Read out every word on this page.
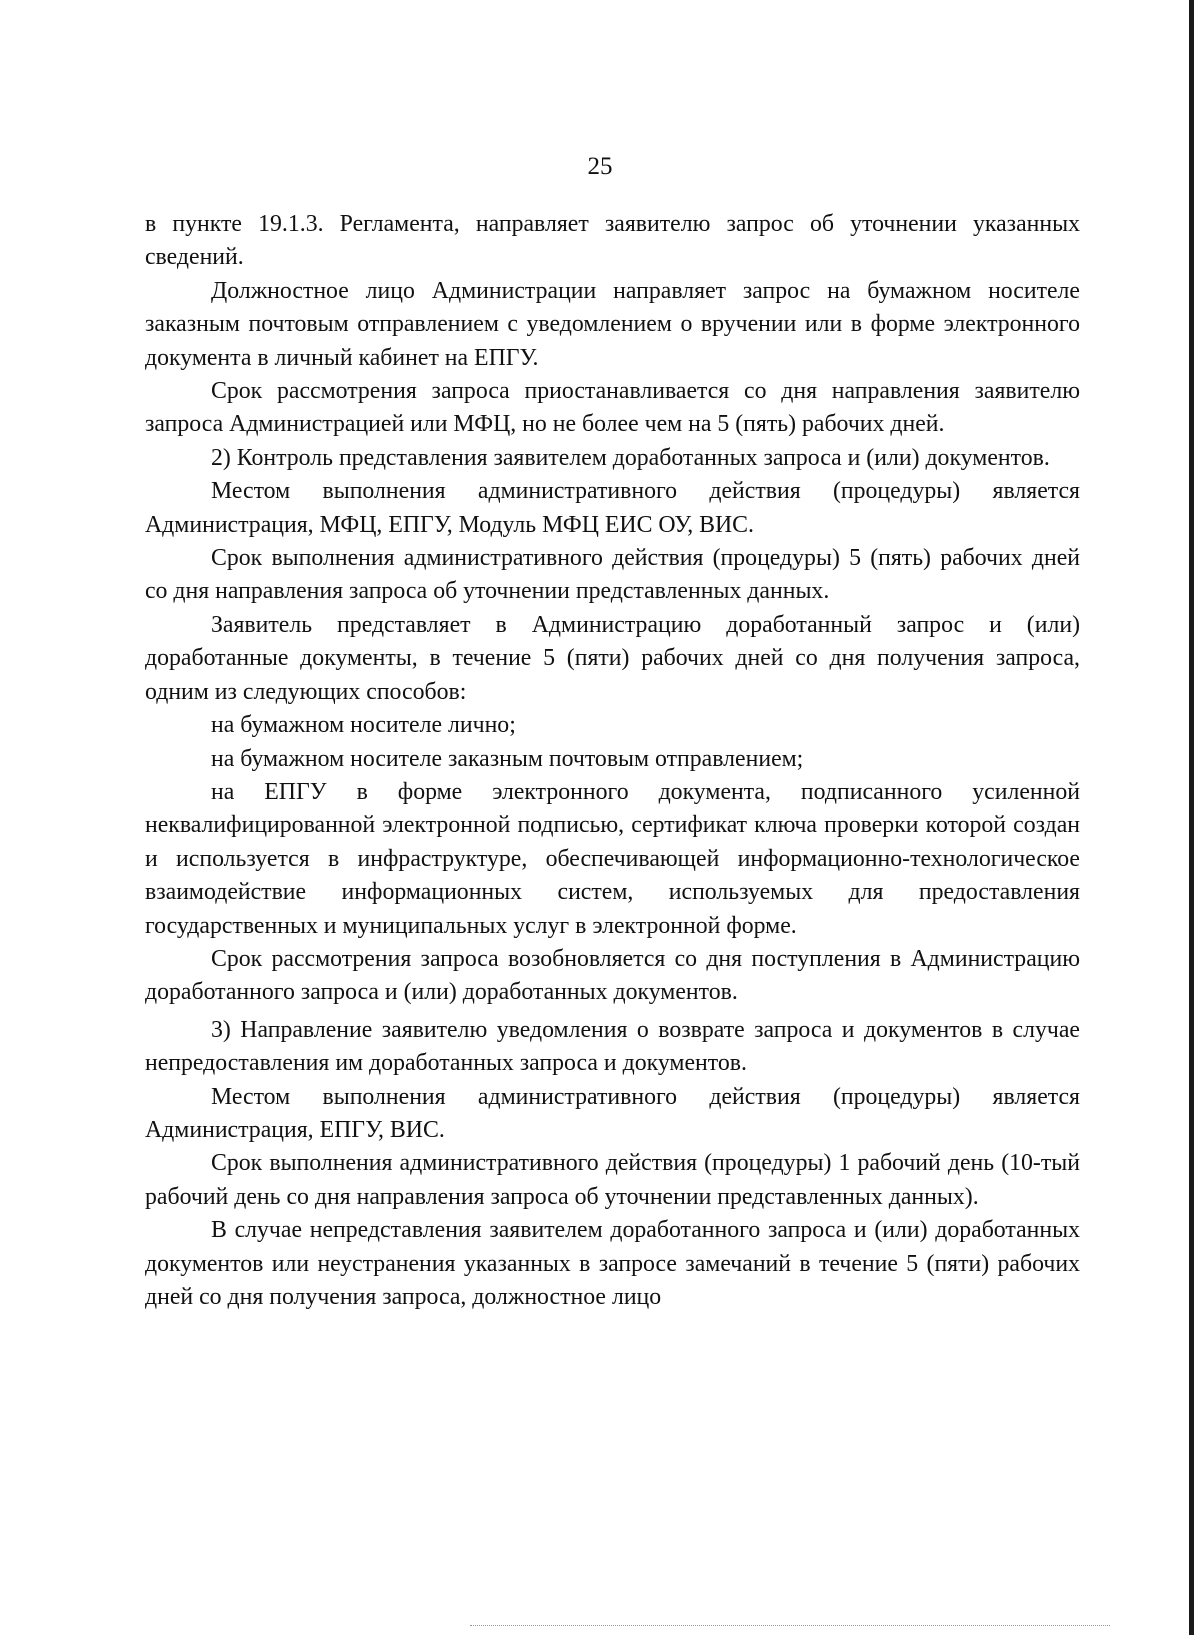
25

в пункте 19.1.3. Регламента, направляет заявителю запрос об уточнении указанных сведений.

Должностное лицо Администрации направляет запрос на бумажном носителе заказным почтовым отправлением с уведомлением о вручении или в форме электронного документа в личный кабинет на ЕПГУ.

Срок рассмотрения запроса приостанавливается со дня направления заявителю запроса Администрацией или МФЦ, но не более чем на 5 (пять) рабочих дней.

2) Контроль представления заявителем доработанных запроса и (или) документов.

Местом выполнения административного действия (процедуры) является Администрация, МФЦ, ЕПГУ, Модуль МФЦ ЕИС ОУ, ВИС.

Срок выполнения административного действия (процедуры) 5 (пять) рабочих дней со дня направления запроса об уточнении представленных данных.

Заявитель представляет в Администрацию доработанный запрос и (или) доработанные документы, в течение 5 (пяти) рабочих дней со дня получения запроса, одним из следующих способов:

на бумажном носителе лично;

на бумажном носителе заказным почтовым отправлением;

на ЕПГУ в форме электронного документа, подписанного усиленной неквалифицированной электронной подписью, сертификат ключа проверки которой создан и используется в инфраструктуре, обеспечивающей информационно-технологическое взаимодействие информационных систем, используемых для предоставления государственных и муниципальных услуг в электронной форме.

Срок рассмотрения запроса возобновляется со дня поступления в Администрацию доработанного запроса и (или) доработанных документов.

3) Направление заявителю уведомления о возврате запроса и документов в случае непредоставления им доработанных запроса и документов.

Местом выполнения административного действия (процедуры) является Администрация, ЕПГУ, ВИС.

Срок выполнения административного действия (процедуры) 1 рабочий день (10-тый рабочий день со дня направления запроса об уточнении представленных данных).

В случае непредставления заявителем доработанного запроса и (или) доработанных документов или неустранения указанных в запросе замечаний в течение 5 (пяти) рабочих дней со дня получения запроса, должностное лицо
